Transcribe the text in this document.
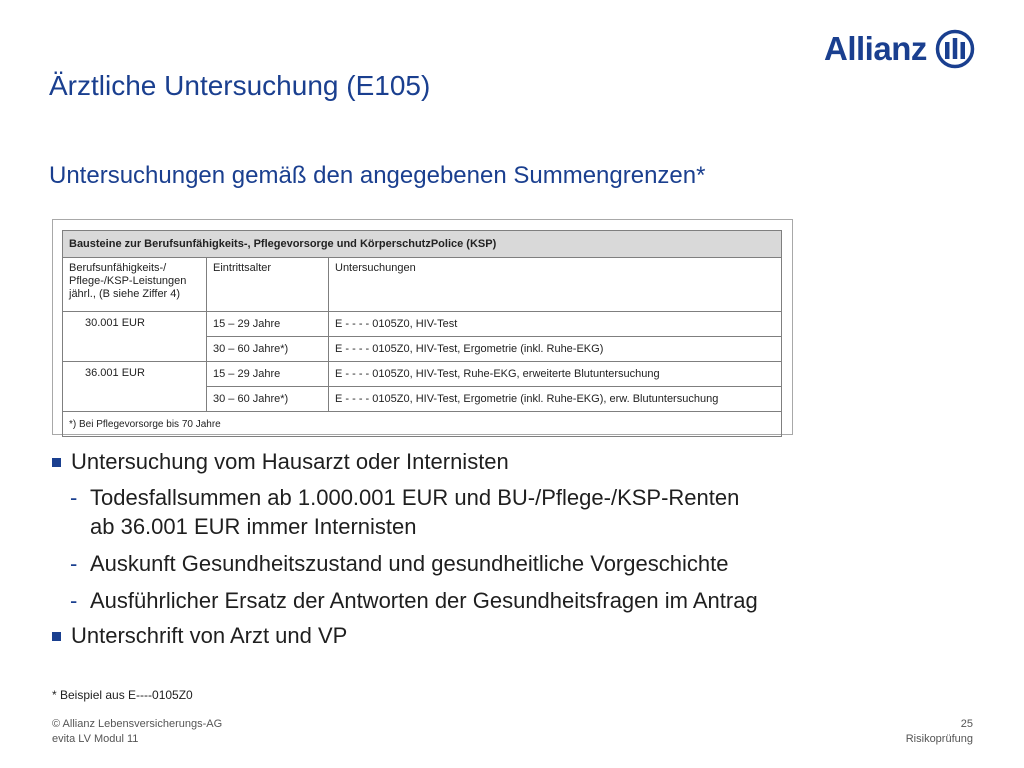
Allianz
Ärztliche Untersuchung (E105)
Untersuchungen gemäß den angegebenen Summengrenzen*
Bausteine zur Berufsunfähigkeits-, Pflegevorsorge und KörperschutzPolice (KSP)		

Berufsunfähigkeits-/
Pflege-/KSP-Leistungen
jährl., (B siehe Ziffer 4)	Eintrittsalter	Untersuchungen
30.001 EUR	15 – 29 Jahre	E - - - - 0105Z0, HIV-Test
	30 – 60 Jahre*)	E - - - - 0105Z0, HIV-Test, Ergometrie (inkl. Ruhe-EKG)
36.001 EUR	15 – 29 Jahre	E - - - - 0105Z0, HIV-Test, Ruhe-EKG, erweiterte Blutuntersuchung
	30 – 60 Jahre*)	E - - - - 0105Z0, HIV-Test, Ergometrie (inkl. Ruhe-EKG), erw. Blutuntersuchung
*) Bei Pflegevorsorge bis 70 Jahre		
Untersuchung vom Hausarzt oder Internisten
- Todesfallsummen ab 1.000.001 EUR und BU-/Pflege-/KSP-Renten
ab 36.001 EUR immer Internisten
- Auskunft Gesundheitszustand und gesundheitliche Vorgeschichte
- Ausführlicher Ersatz der Antworten der Gesundheitsfragen im Antrag
Unterschrift von Arzt und VP
* Beispiel aus E----0105Z0
© Allianz Lebensversicherungs-AG
evita LV Modul 11
25
Risikoprüfung
